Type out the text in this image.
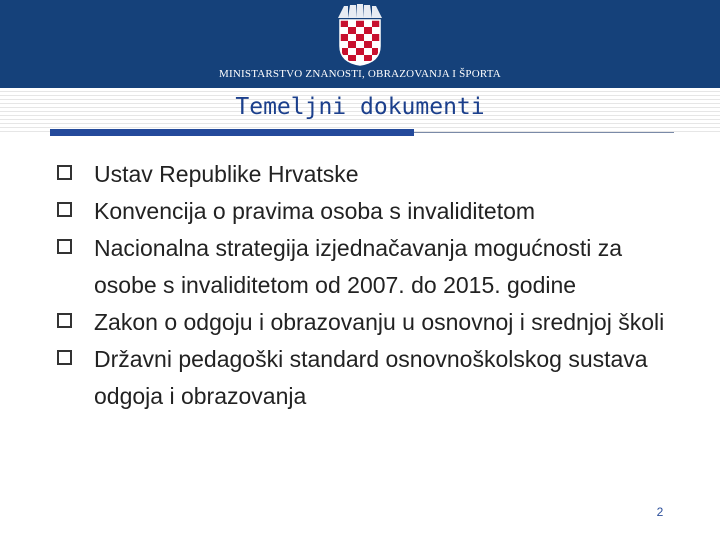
MINISTARSTVO ZNANOSTI, OBRAZOVANJA I ŠPORTA
Temeljni dokumenti
Ustav Republike Hrvatske
Konvencija o pravima osoba s invaliditetom
Nacionalna strategija izjednačavanja mogućnosti za osobe s invaliditetom od 2007. do 2015. godine
Zakon o odgoju i obrazovanju u osnovnoj i srednjoj školi
Državni pedagoški standard osnovnoškolskog sustava odgoja i obrazovanja
2
